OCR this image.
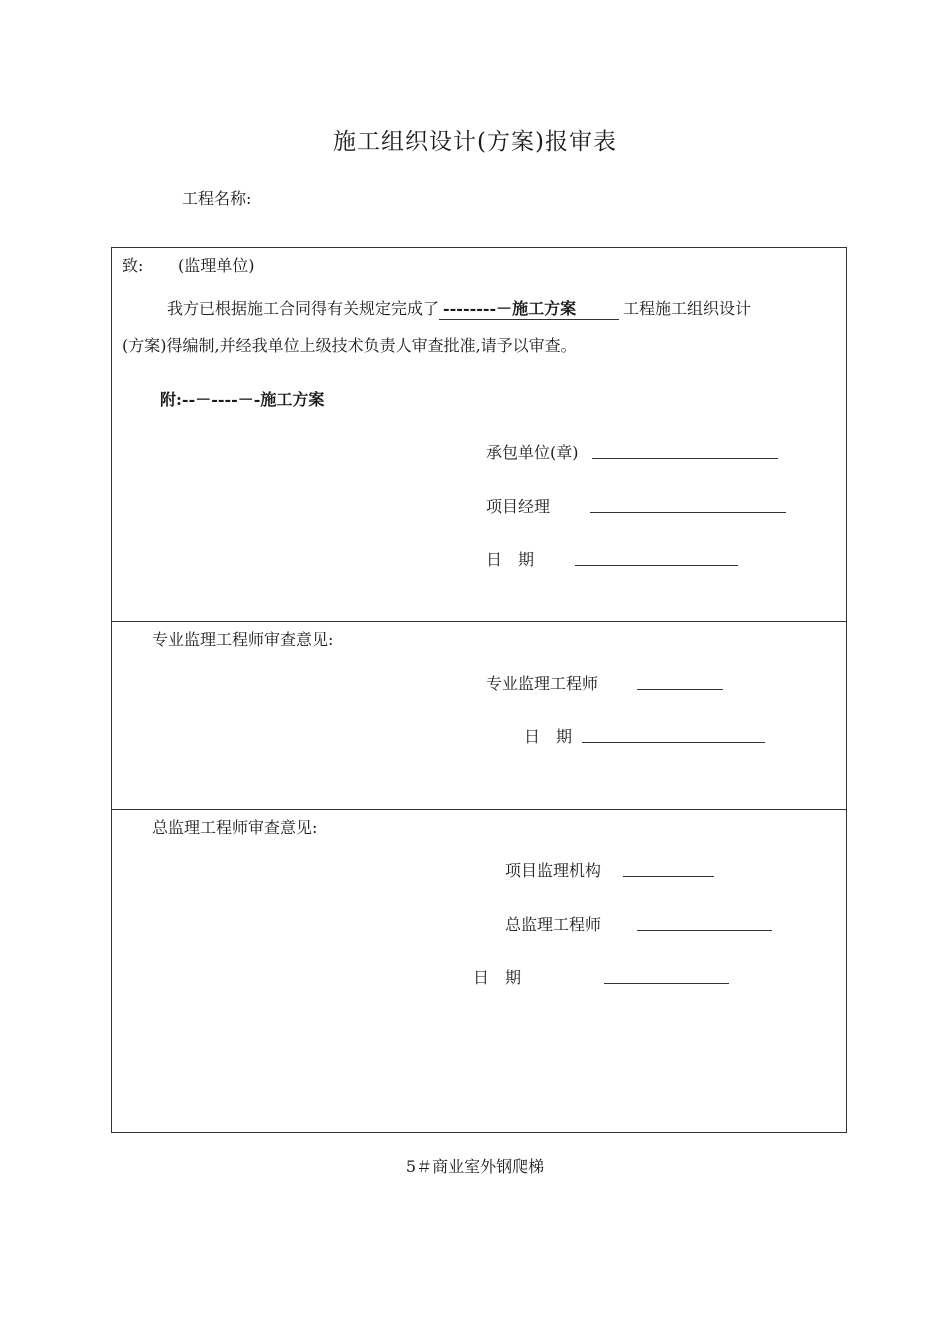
施工组织设计(方案)报审表
工程名称:
致: (监理单位)
我方已根据施工合同得有关规定完成了 --------－施工方案	工程施工组织设计
(方案)得编制,并经我单位上级技术负责人审查批准,请予以审查。
附:--－----－-施工方案
承包单位(章)
项目经理
日　期
专业监理工程师审查意见:
专业监理工程师
日　期
总监理工程师审查意见:
项目监理机构
总监理工程师
日　期
5＃商业室外钢爬梯
